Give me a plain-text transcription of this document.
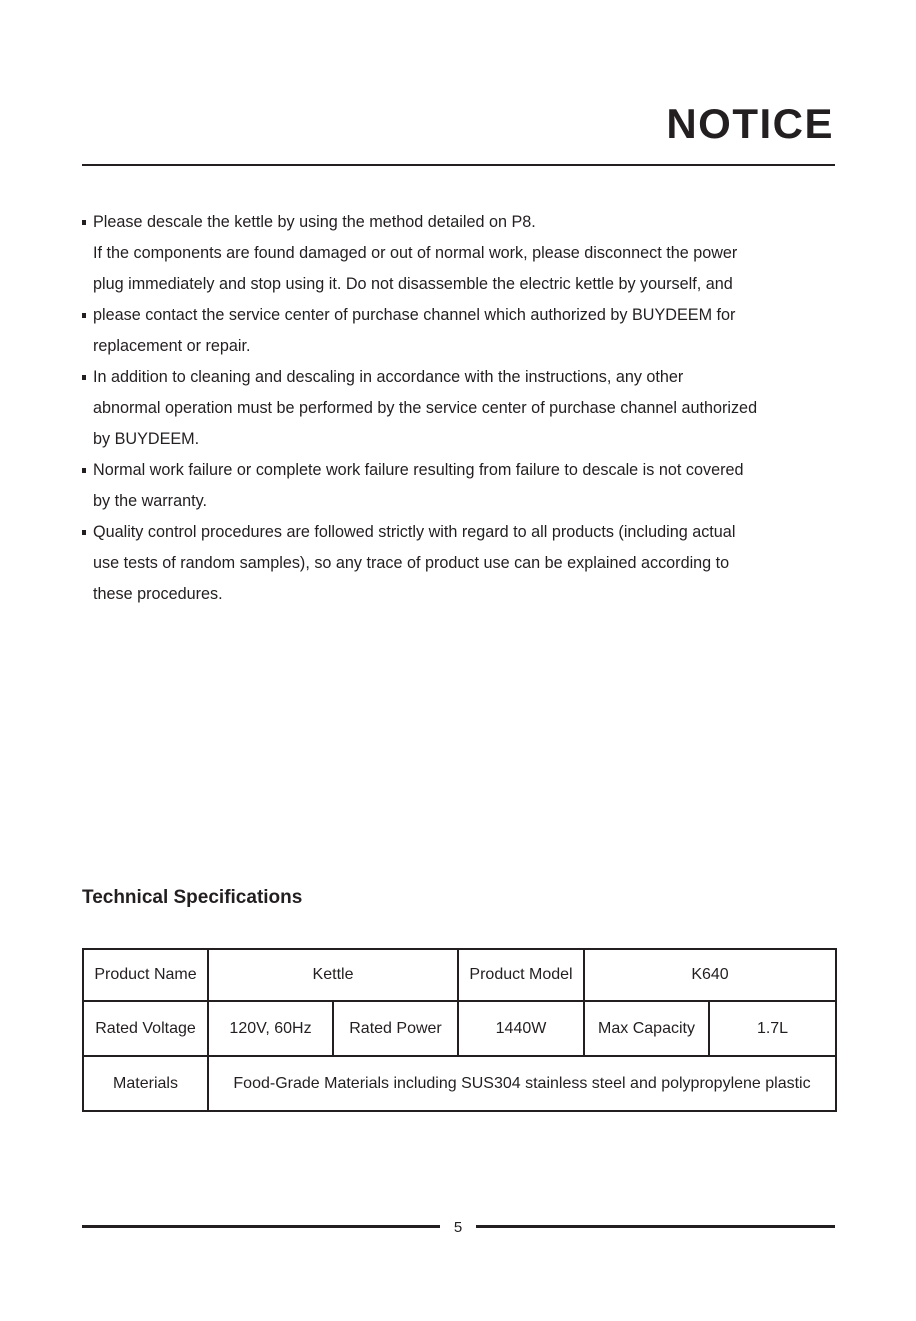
NOTICE
Please descale the kettle by using the method detailed on P8.
If the components are found damaged or out of normal work, please disconnect the power
plug immediately and stop using it. Do not disassemble the electric kettle by yourself, and
please contact the service center of purchase channel which authorized by BUYDEEM for
replacement or repair.
In addition to cleaning and descaling in accordance with the instructions, any other
abnormal operation must be performed by the service center of purchase channel authorized
by BUYDEEM.
Normal work failure or complete work failure resulting from failure to descale is not covered
by the warranty.
Quality control procedures are followed strictly with regard to all products (including actual
use tests of random samples), so any trace of product use can be explained according to
these procedures.
Technical Specifications
Product Name	Kettle		Product Model	K640	
Rated Voltage	120V, 60Hz	Rated Power	1440W	Max Capacity	1.7L
Materials	Food-Grade Materials including SUS304 stainless steel and polypropylene plastic				
5
